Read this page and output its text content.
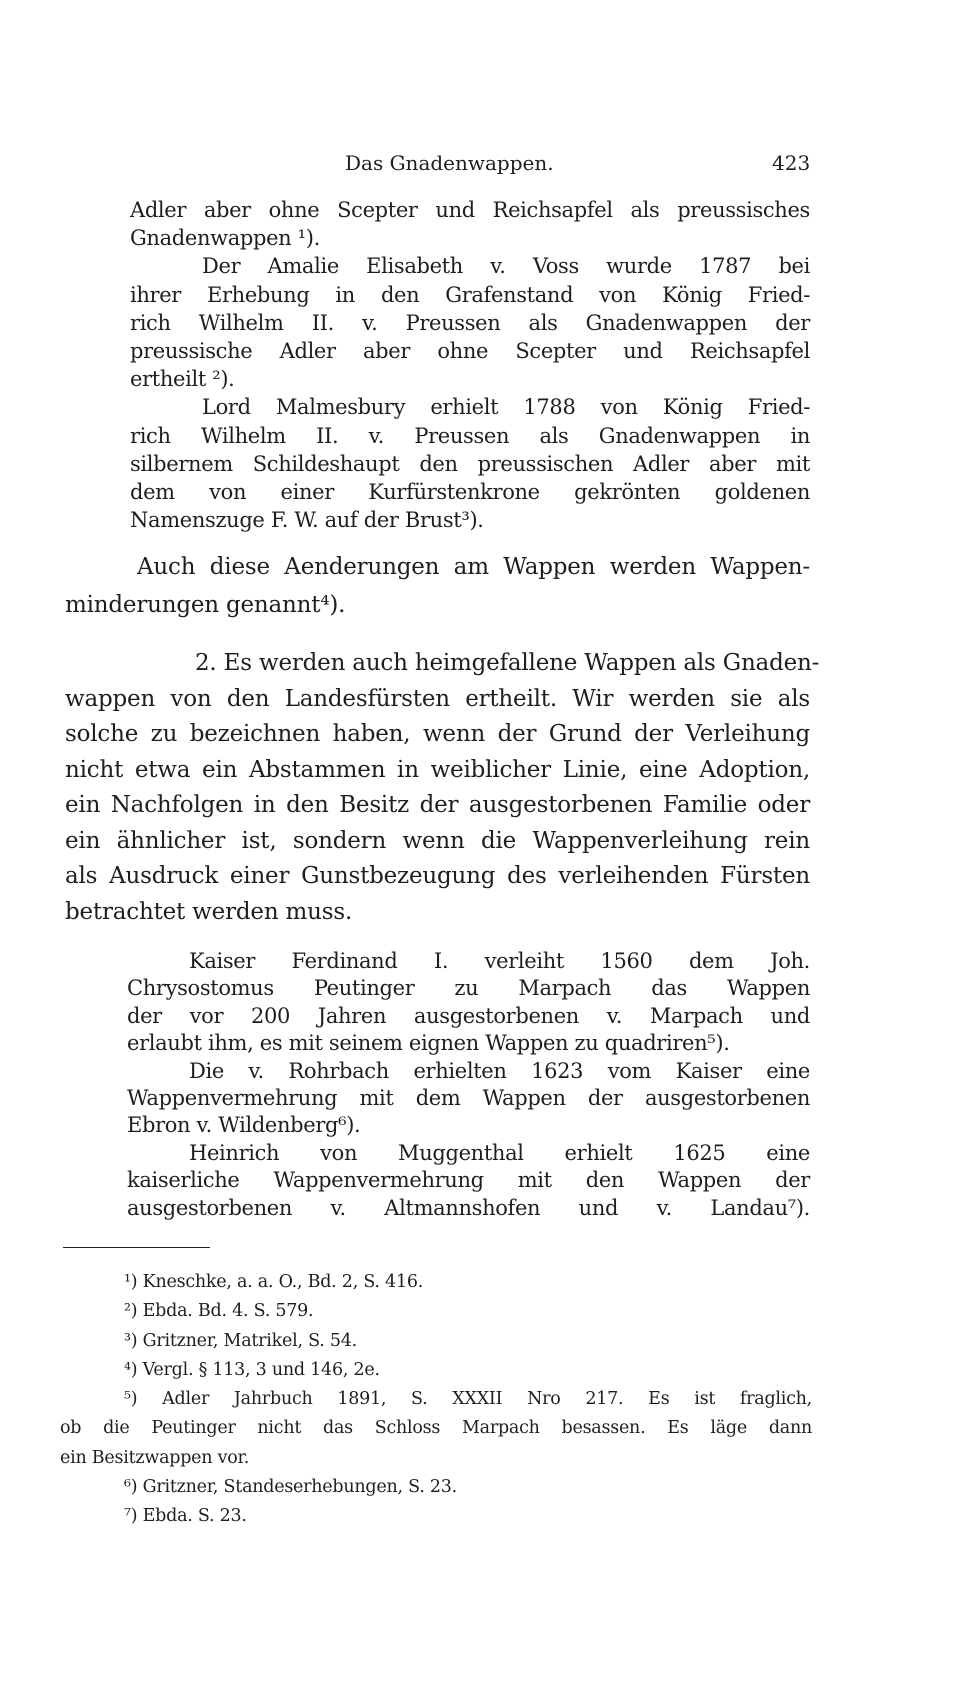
Das Gnadenwappen.	423
Adler aber ohne Scepter und Reichsapfel als preussisches
Gnadenwappen ¹).
Der Amalie Elisabeth v. Voss wurde 1787 bei
ihrer Erhebung in den Grafenstand von König Fried-
rich Wilhelm II. v. Preussen als Gnadenwappen der
preussische Adler aber ohne Scepter und Reichsapfel
ertheilt ²).
Lord Malmesbury erhielt 1788 von König Fried-
rich Wilhelm II. v. Preussen als Gnadenwappen in
silbernem Schildeshaupt den preussischen Adler aber mit
dem von einer Kurfürstenkrone gekrönten goldenen
Namenszuge F. W. auf der Brust³).
Auch diese Aenderungen am Wappen werden Wappen-
minderungen genannt⁴).
2. Es werden auch heimgefallene Wappen als Gnaden-
wappen von den Landesfürsten ertheilt. Wir werden sie als
solche zu bezeichnen haben, wenn der Grund der Verleihung
nicht etwa ein Abstammen in weiblicher Linie, eine Adoption,
ein Nachfolgen in den Besitz der ausgestorbenen Familie oder
ein ähnlicher ist, sondern wenn die Wappenverleihung rein
als Ausdruck einer Gunstbezeugung des verleihenden Fürsten
betrachtet werden muss.
Kaiser Ferdinand I. verleiht 1560 dem Joh.
Chrysostomus Peutinger zu Marpach das Wappen
der vor 200 Jahren ausgestorbenen v. Marpach und
erlaubt ihm, es mit seinem eignen Wappen zu quadriren⁵).
Die v. Rohrbach erhielten 1623 vom Kaiser eine
Wappenvermehrung mit dem Wappen der ausgestorbenen
Ebron v. Wildenberg⁶).
Heinrich von Muggenthal erhielt 1625 eine
kaiserliche Wappenvermehrung mit den Wappen der
ausgestorbenen v. Altmannshofen und v. Landau⁷).
¹) Kneschke, a. a. O., Bd. 2, S. 416.
²) Ebda. Bd. 4. S. 579.
³) Gritzner, Matrikel, S. 54.
⁴) Vergl. § 113, 3 und 146, 2e.
⁵) Adler Jahrbuch 1891, S. XXXII Nro 217. Es ist fraglich,
ob die Peutinger nicht das Schloss Marpach besassen. Es läge dann
ein Besitzwappen vor.
⁶) Gritzner, Standeserhebungen, S. 23.
⁷) Ebda. S. 23.
